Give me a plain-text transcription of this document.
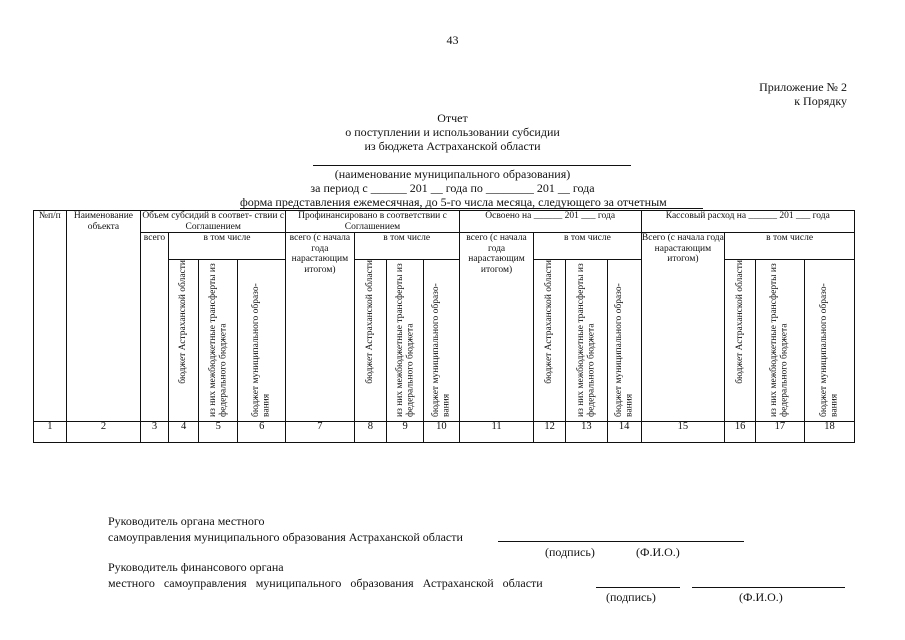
43
Приложение № 2
к Порядку
Отчет
о поступлении и использовании субсидии
из бюджета Астраханской области
(наименование муниципального образования)
за период с ______ 201 __ года по ________ 201 __ года
форма представления ежемесячная, до 5-го числа месяца, следующего за отчетным
№п/п	Наименование объекта	Объем субсидий в соответ- ствии с Соглашением				Профинансировано в соответствии с Соглашением				Освоено на ______ 201 ___ года				Кассовый расход на ______ 201 ___ года			
		всего	в том числе			всего (с начала года нарастающим итогом)	в том числе			всего (с начала года нарастающим итогом)	в том числе			Всего (с начала года нарастающим итогом)	в том числе		
			бюджет Астраханской области	из них межбюджетные трансферты из федерального бюджета	бюджет муниципального образо- вания		бюджет Астраханской области	из них межбюджетные трансферты из федерального бюджета	бюджет муниципального образо- вания		бюджет Астраханской области	из них межбюджетные трансферты из федерального бюджета	бюджет муниципального образо- вания		бюджет Астраханской области	из них межбюджетные трансферты из федерального бюджета	бюджет муниципального образо- вания
1	2	3	4	5	6	7	8	9	10	11	12	13	14	15	16	17	18
Руководитель органа местного
самоуправления муниципального образования Астраханской области
(подпись)	(Ф.И.О.)
Руководитель финансового органа
местного самоуправления муниципального образования Астраханской области
(подпись)	(Ф.И.О.)
